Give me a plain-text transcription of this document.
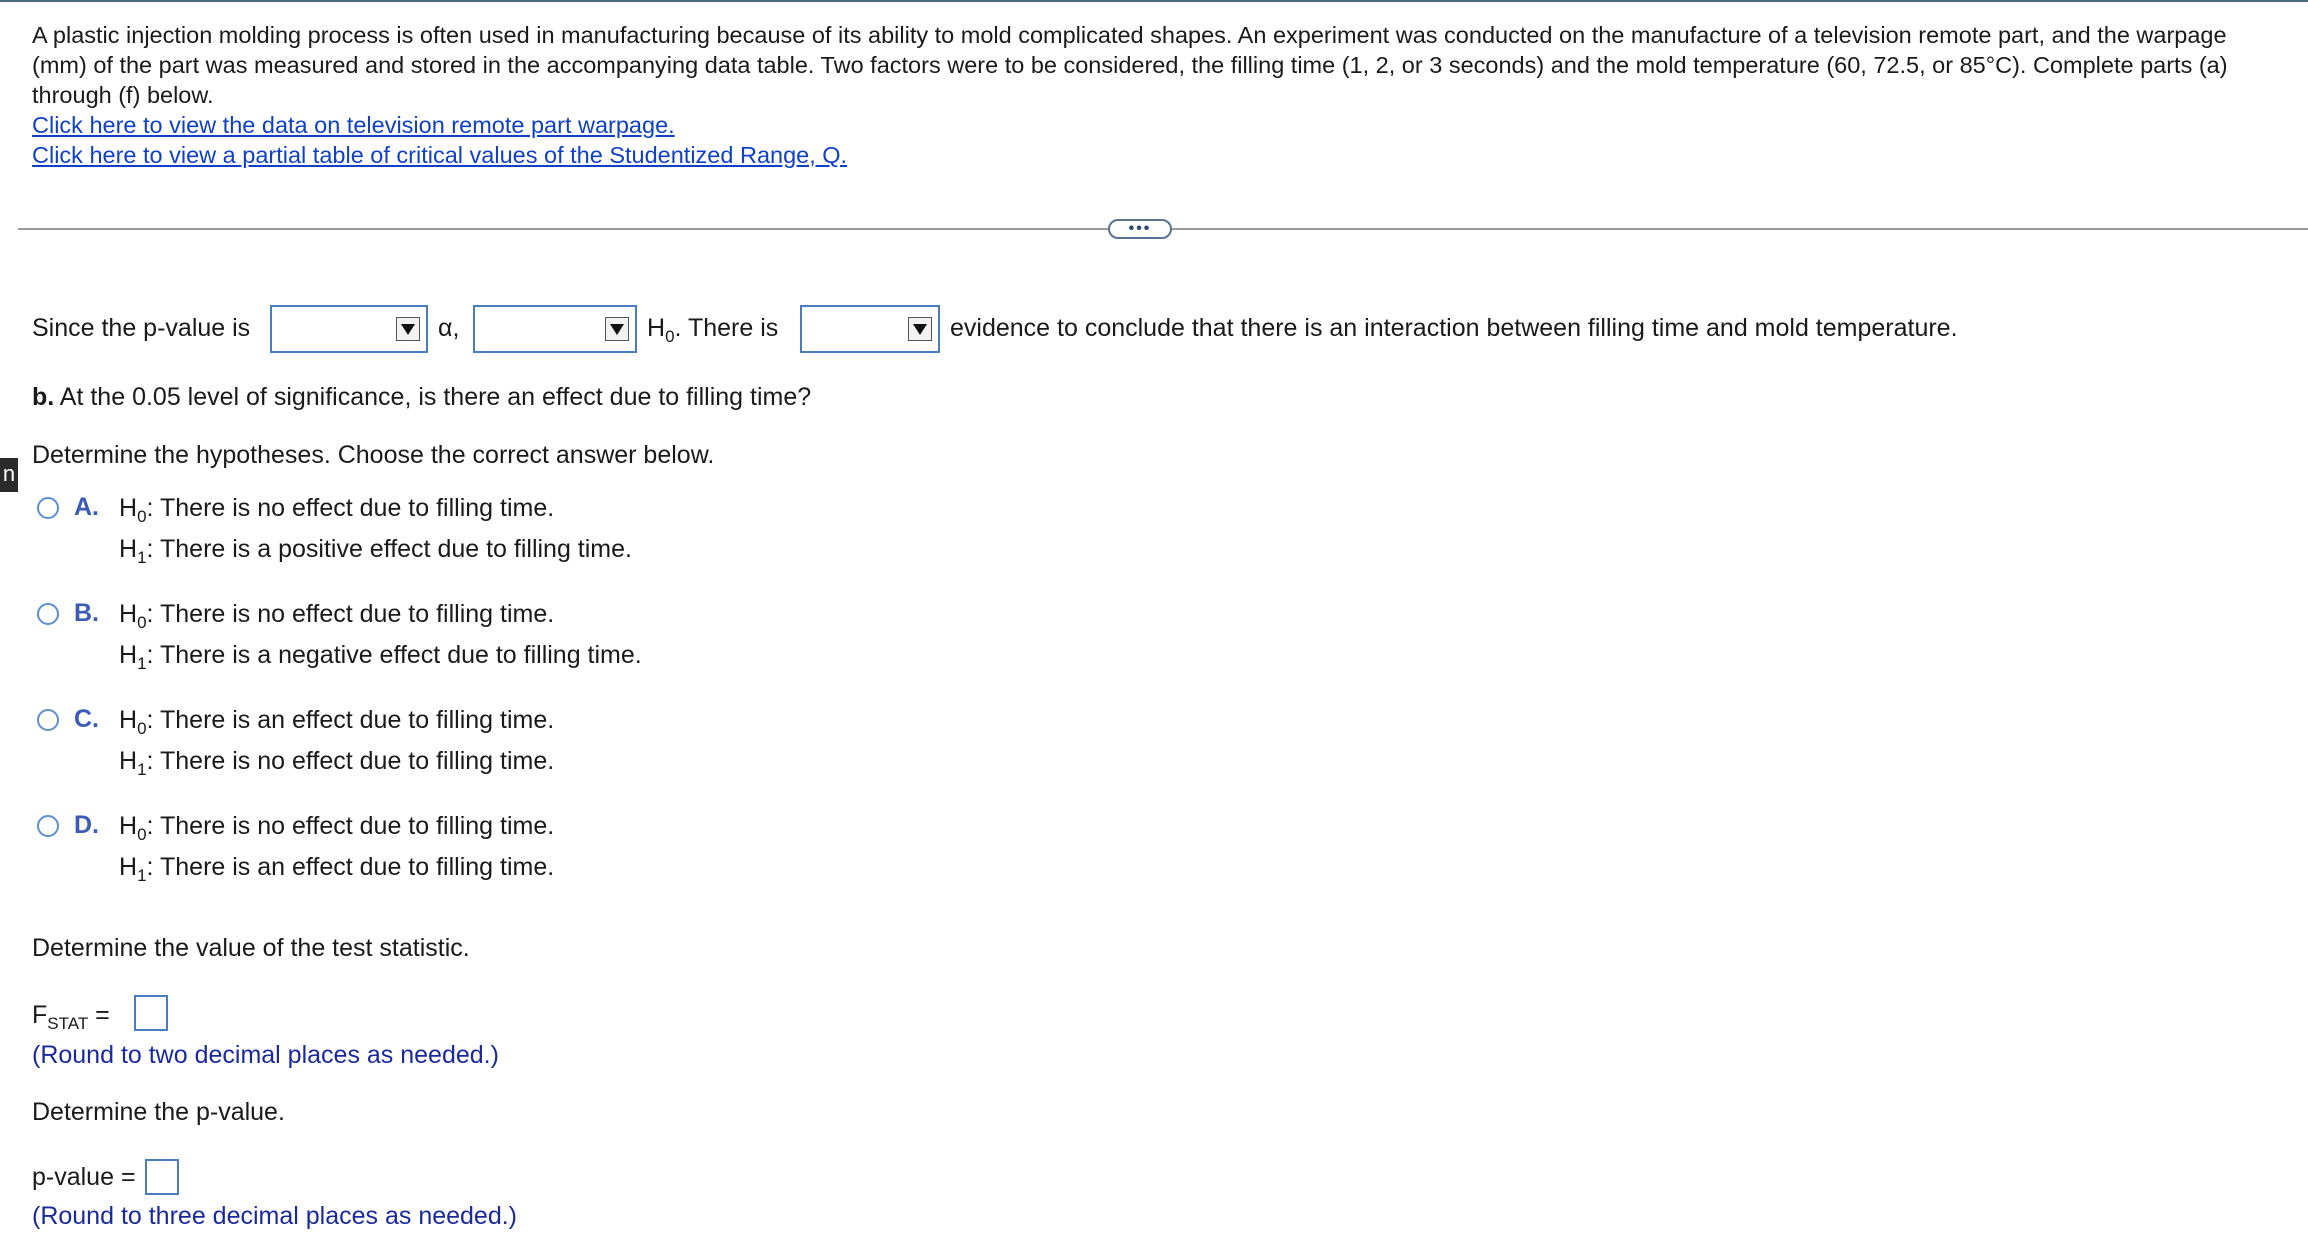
A plastic injection molding process is often used in manufacturing because of its ability to mold complicated shapes. An experiment was conducted on the manufacture of a television remote part, and the warpage (mm) of the part was measured and stored in the accompanying data table. Two factors were to be considered, the filling time (1, 2, or 3 seconds) and the mold temperature (60, 72.5, or 85°C). Complete parts (a) through (f) below.
Click here to view the data on television remote part warpage.
Click here to view a partial table of critical values of the Studentized Range, Q.
•••
n
Since the p-value is	α,	$H_0$. There is	evidence to conclude that there is an interaction between filling time and mold temperature.
b. At the 0.05 level of significance, is there an effect due to filling time?
Determine the hypotheses. Choose the correct answer below.
A. $H_0$: There is no effect due to filling time.
$H_1$: There is a positive effect due to filling time.
B. $H_0$: There is no effect due to filling time.
$H_1$: There is a negative effect due to filling time.
C. $H_0$: There is an effect due to filling time.
$H_1$: There is no effect due to filling time.
D. $H_0$: There is no effect due to filling time.
$H_1$: There is an effect due to filling time.
Determine the value of the test statistic.
$F_{STAT}$ =
(Round to two decimal places as needed.)
Determine the p-value.
p-value =
(Round to three decimal places as needed.)
